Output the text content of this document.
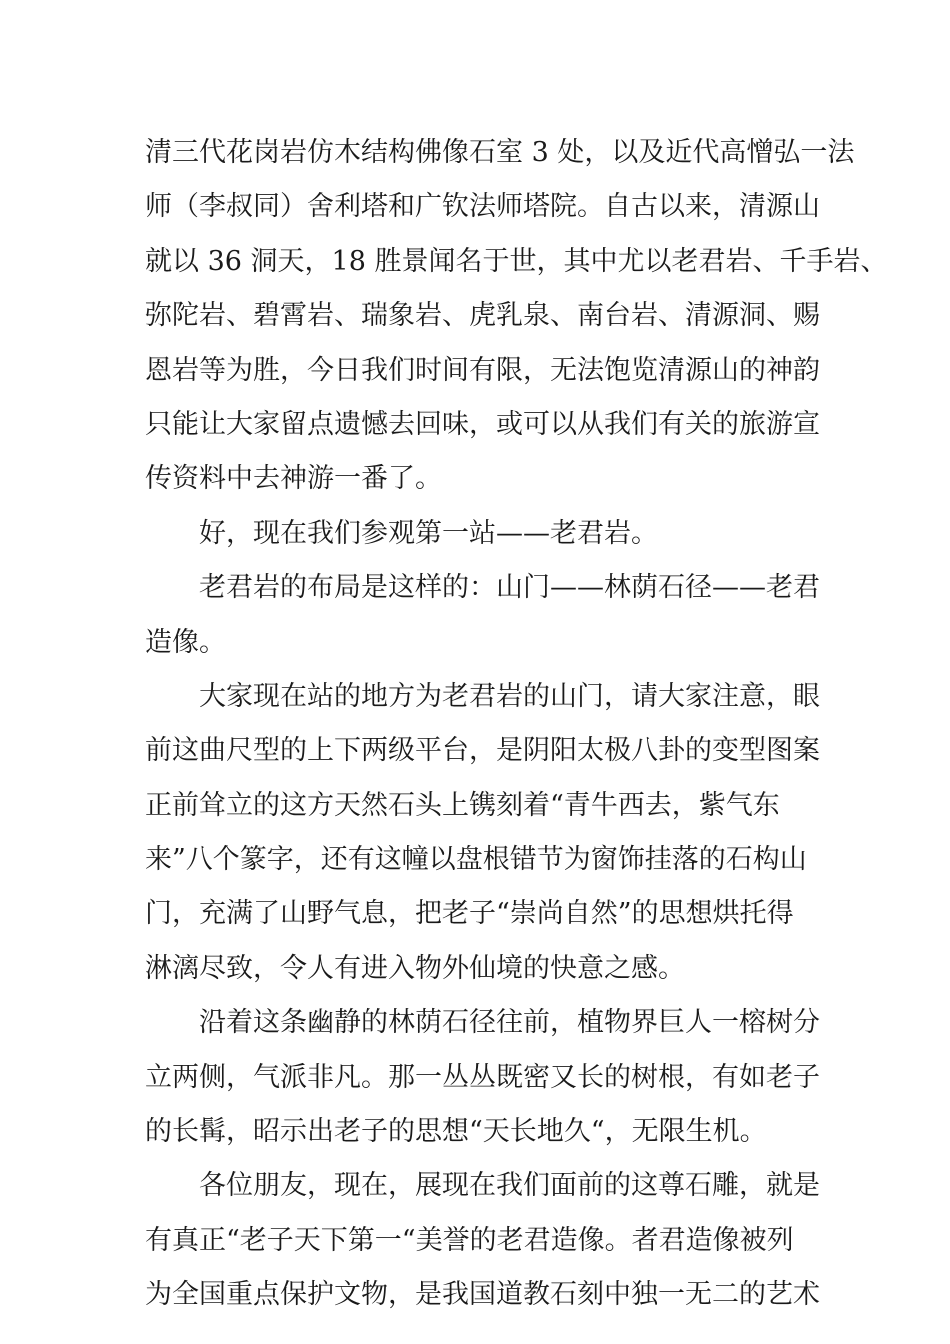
清三代花岗岩仿木结构佛像石室 3 处，以及近代高憎弘一法
师（李叔同）舍利塔和广钦法师塔院。自古以来，清源山
就以 36 洞天，18 胜景闻名于世，其中尤以老君岩、千手岩、
弥陀岩、碧霄岩、瑞象岩、虎乳泉、南台岩、清源洞、赐
恩岩等为胜，今日我们时间有限，无法饱览清源山的神韵
只能让大家留点遗憾去回味，或可以从我们有关的旅游宣
传资料中去神游一番了。
好，现在我们参观第一站——老君岩。
老君岩的布局是这样的：山门——林荫石径——老君
造像。
大家现在站的地方为老君岩的山门，请大家注意，眼
前这曲尺型的上下两级平台，是阴阳太极八卦的变型图案
正前耸立的这方天然石头上镌刻着“青牛西去，紫气东
来”八个篆字，还有这幢以盘根错节为窗饰挂落的石构山
门，充满了山野气息，把老子“崇尚自然”的思想烘托得
淋漓尽致，令人有进入物外仙境的快意之感。
沿着这条幽静的林荫石径往前，植物界巨人一榕树分
立两侧，气派非凡。那一丛丛既密又长的树根，有如老子
的长髯，昭示出老子的思想“天长地久“，无限生机。
各位朋友，现在，展现在我们面前的这尊石雕，就是
有真正“老子天下第一“美誉的老君造像。者君造像被列
为全国重点保护文物，是我国道教石刻中独一无二的艺术
